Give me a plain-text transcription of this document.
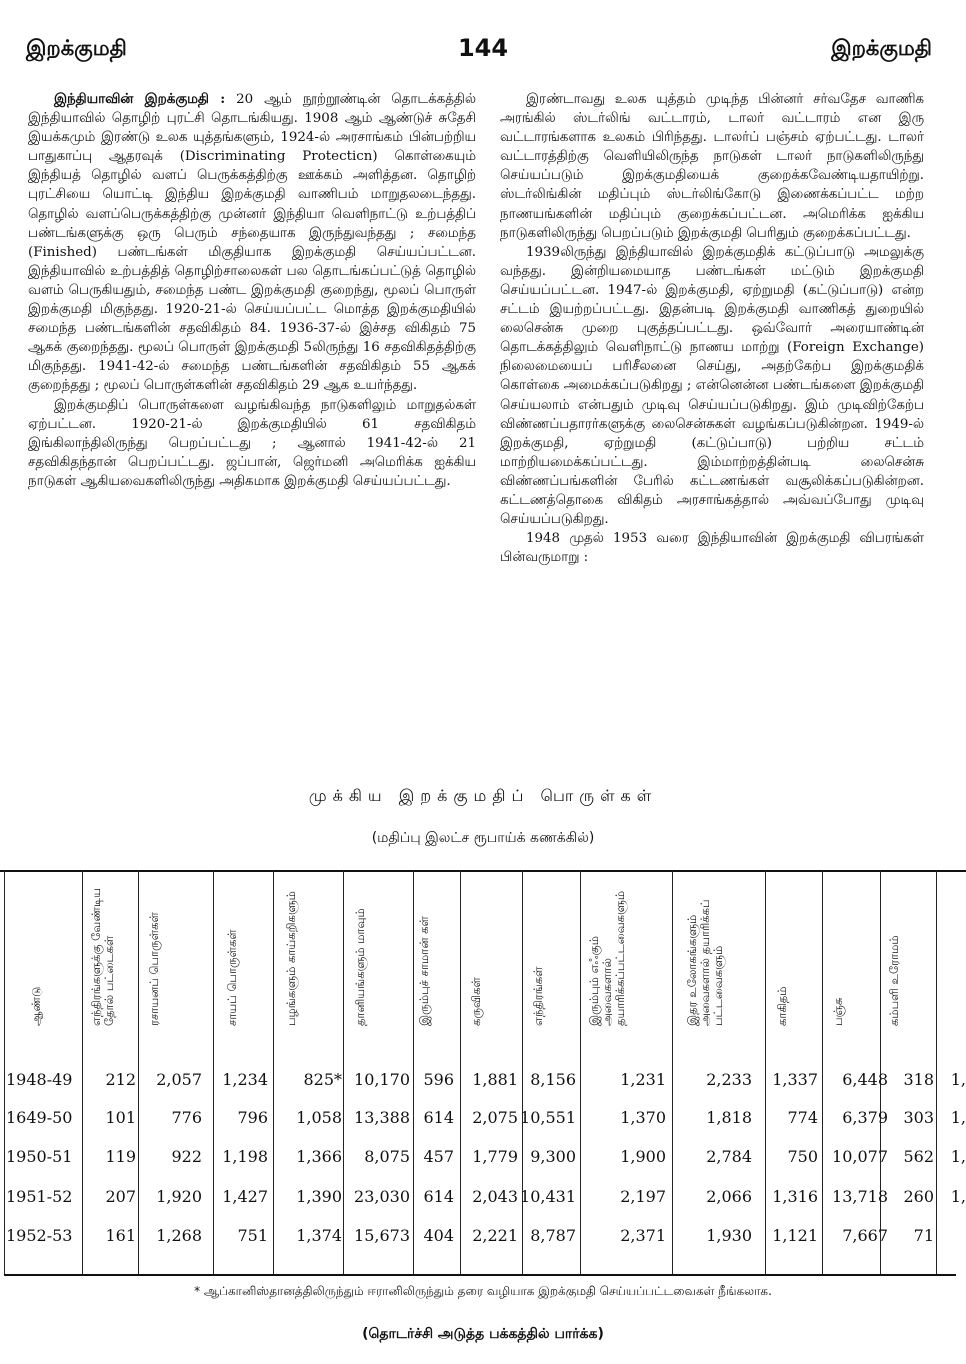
இறக்குமதி	144	இறக்குமதி

இந்தியாவின் இறக்குமதி : 20 ஆம் நூற்றூண்டின் தொடக்கத்தில் இந்தியாவில் தொழிற் புரட்சி தொடங்கியது. 1908 ஆம் ஆண்டுச் சுதேசி இயக்கமும் இரண்டு உலக யுத்தங்களும், 1924-ல் அரசாங்கம் பின்பற்றிய பாதுகாப்பு ஆதரவுக் (Discriminating Protecticn) கொள்கையும் இந்தியத் தொழில் வளப் பெருக்கத்திற்கு ஊக்கம் அளித்தன. தொழிற் புரட்சியை யொட்டி இந்திய இறக்குமதி வாணிபம் மாறுதலடைந்தது. தொழில் வளப்பெருக்கத்திற்கு முன்னர் இந்தியா வெளிநாட்டு உற்பத்திப் பண்டங்களுக்கு ஒரு பெரும் சந்தையாக இருந்துவந்தது ; சமைந்த (Finished) பண்டங்கள் மிகுதியாக இறக்குமதி செய்யப்பட்டன. இந்தியாவில் உற்பத்தித் தொழிற்சாலைகள் பல தொடங்கப்பட்டுத் தொழில் வளம் பெருகியதும், சமைந்த பண்ட இறக்குமதி குறைந்து, மூலப் பொருள் இறக்குமதி மிகுந்தது. 1920-21-ல் செய்யப்பட்ட மொத்த இறக்குமதியில் சமைந்த பண்டங்களின் சதவிகிதம் 84. 1936-37-ல் இச்சத விகிதம் 75 ஆகக் குறைந்தது. மூலப் பொருள் இறக்குமதி 5லிருந்து 16 சதவிகிதத்திற்கு மிகுந்தது. 1941-42-ல் சமைந்த பண்டங்களின் சதவிகிதம் 55 ஆகக் குறைந்தது ; மூலப் பொருள்களின் சதவிகிதம் 29 ஆக உயர்ந்தது.

இறக்குமதிப் பொருள்களை வழங்கிவந்த நாடுகளிலும் மாறுதல்கள் ஏற்பட்டன. 1920-21-ல் இறக்குமதியில் 61 சதவிகிதம் இங்கிலாந்திலிருந்து பெறப்பட்டது ; ஆனால் 1941-42-ல் 21 சதவிகிதந்தான் பெறப்பட்டது. ஜப்பான், ஜெர்மனி அமெரிக்க ஐக்கிய நாடுகள் ஆகியவைகளிலிருந்து அதிகமாக இறக்குமதி செய்யப்பட்டது.

இரண்டாவது உலக யுத்தம் முடிந்த பின்னர் சர்வதேச வாணிக அரங்கில் ஸ்டர்லிங் வட்டாரம், டாலர் வட்டாரம் என இரு வட்டாரங்களாக உலகம் பிரிந்தது. டாலர்ப் பஞ்சம் ஏற்பட்டது. டாலர் வட்டாரத்திற்கு வெளியிலிருந்த நாடுகள் டாலர் நாடுகளிலிருந்து செய்யப்படும் இறக்குமதியைக் குறைக்கவேண்டியதாயிற்று. ஸ்டர்லிங்கின் மதிப்பும் ஸ்டர்லிங்கோடு இணைக்கப்பட்ட மற்ற நாணயங்களின் மதிப்பும் குறைக்கப்பட்டன. அமெரிக்க ஐக்கிய நாடுகளிலிருந்து பெறப்படும் இறக்குமதி பெரிதும் குறைக்கப்பட்டது.

1939லிருந்து இந்தியாவில் இறக்குமதிக் கட்டுப்பாடு அமலுக்கு வந்தது. இன்றியமையாத பண்டங்கள் மட்டும் இறக்குமதி செய்யப்பட்டன. 1947-ல் இறக்குமதி, ஏற்றுமதி (கட்டுப்பாடு) என்ற சட்டம் இயற்றப்பட்டது. இதன்படி இறக்குமதி வாணிகத் துறையில் லைசென்சு முறை புகுத்தப்பட்டது. ஒவ்வோர் அரையாண்டின் தொடக்கத்திலும் வெளிநாட்டு நாணய மாற்று (Foreign Exchange) நிலைமையைப் பரிசீலனை செய்து, அதற்கேற்ப இறக்குமதிக் கொள்கை அமைக்கப்படுகிறது ; என்னென்ன பண்டங்களை இறக்குமதி செய்யலாம் என்பதும் முடிவு செய்யப்படுகிறது. இம் முடிவிற்கேற்ப விண்ணப்பதாரர்களுக்கு லைசென்சுகள் வழங்கப்படுகின்றன. 1949-ல் இறக்குமதி, ஏற்றுமதி (கட்டுப்பாடு) பற்றிய சட்டம் மாற்றியமைக்கப்பட்டது. இம்மாற்றத்தின்படி லைசென்சு விண்ணப்பங்களின் பேரில் கட்டணங்கள் வசூலிக்கப்படுகின்றன. கட்டணத்தொகை விகிதம் அரசாங்கத்தால் அவ்வப்போது முடிவு செய்யப்படுகிறது.

1948 முதல் 1953 வரை இந்தியாவின் இறக்குமதி விபரங்கள் பின்வருமாறு :

முக்கிய இறக்குமதிப் பொருள்கள்
(மதிப்பு இலட்ச ரூபாய்க் கணக்கில்)
ஆண்டு	எந்திரங்களுக்கு வேண்டிய தோல் பட்டைகள்	ரசாயனப் பொருள்கள்	சாயப் பொருள்கள்	பழங்களும் காய்கறிகளும்	தானியங்களும் மாவும்	இரும்புச் சாமான் கள்	கருவிகள்	எந்திரங்கள்	இரும்பும் எஃகும் அவைகளால் தயாரிக்கப்பட்டவைகளும்	இதர உலோகங்களும் அவைகளால் தயாரிக்கப் பட்டவைகளும்	காகிதம்	பஞ்சு	கம்பளி உரோமம்
1948-49 212 2,057 1,234 825* 10,170 596 1,881 8,156	1,231	2,233 1,337 6,448 318 1,
1649-50 101 776 796 1,058 13,388 614 2,075 10,551	1,370	1,818 774 6,379 303 1,
1950-51 119 922 1,198 1,366 8,075 457 1,779 9,300	1,900	2,784 750 10,077 562 1,
1951-52 207 1,920 1,427 1,390 23,030 614 2,043 10,431	2,197	2,066 1,316 13,718 260 1,
1952-53 161 1,268 751 1,374 15,673 404 2,221 8,787	2,371	1,930 1,121 7,667 71
* ஆப்கானிஸ்தானத்திலிருந்தும் ஈரானிலிருந்தும் தரை வழியாக இறக்குமதி செய்யப்பட்டவைகள் நீங்கலாக.
(தொடர்ச்சி அடுத்த பக்கத்தில் பார்க்க)
